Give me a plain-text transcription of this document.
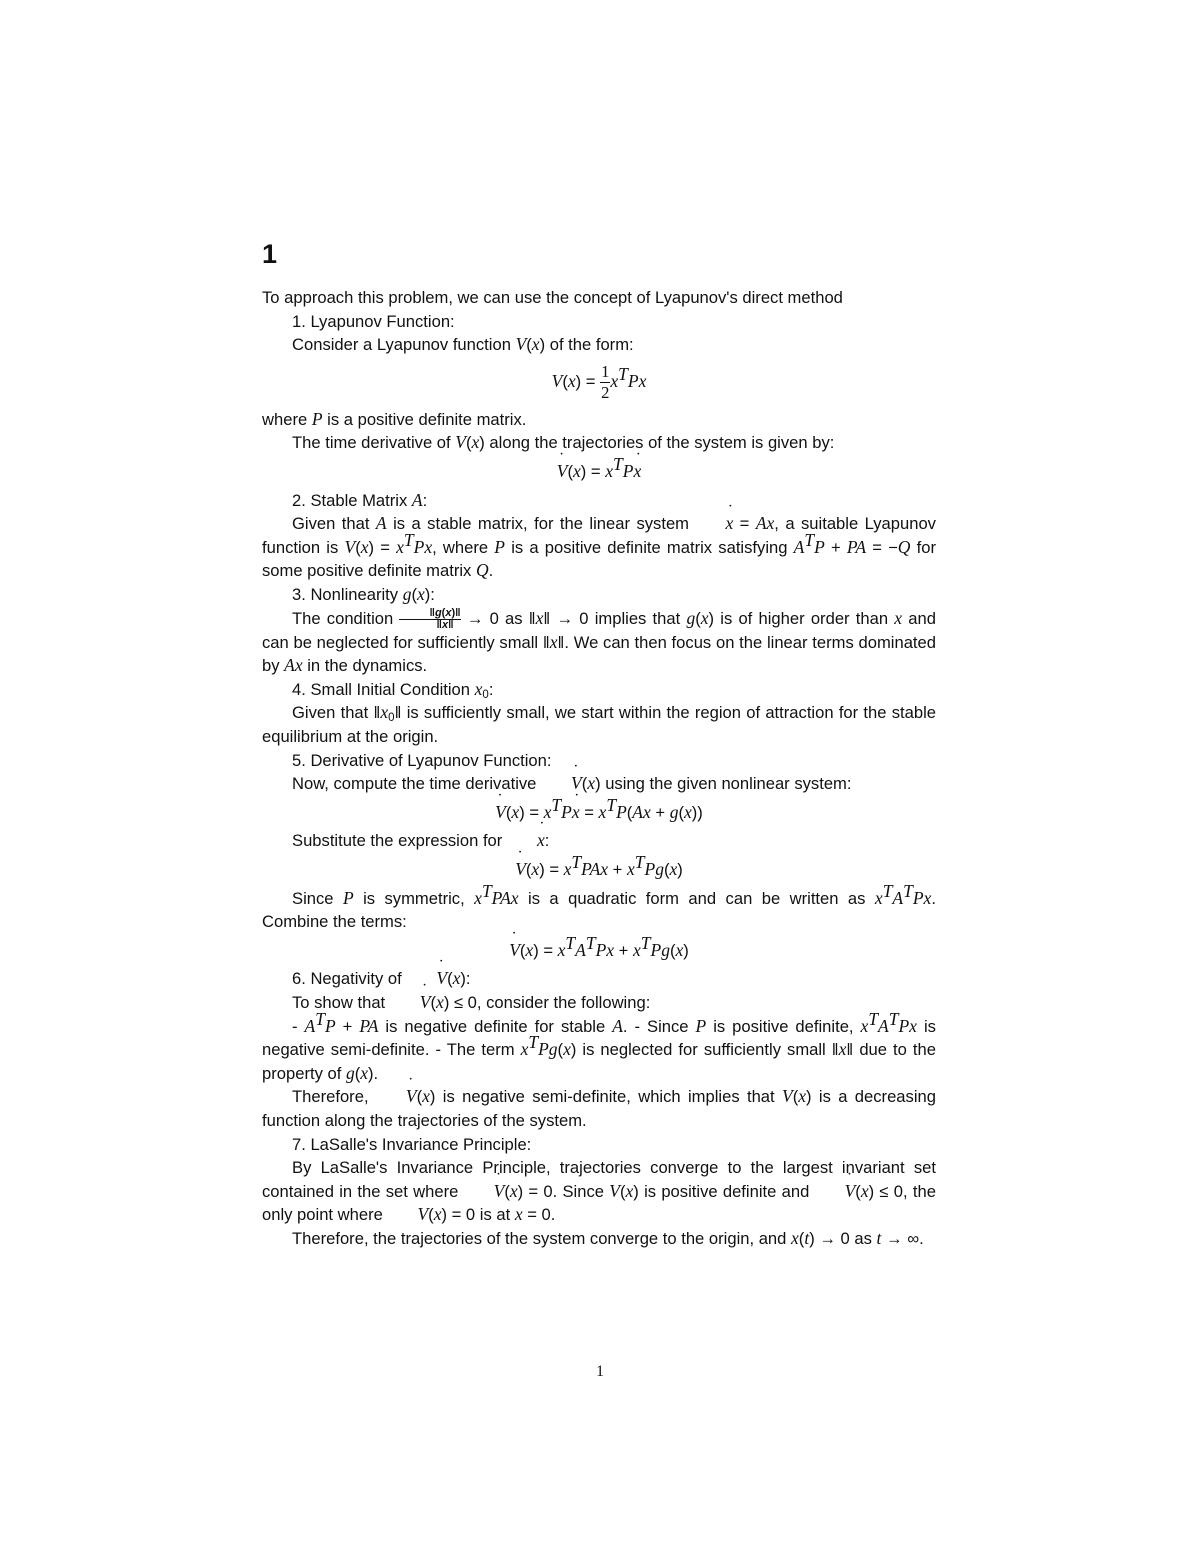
1

To approach this problem, we can use the concept of Lyapunov's direct method

1. Lyapunov Function:

Consider a Lyapunov function V(x) of the form:

$V(x) = \frac{1}{2} x^TPx$

where P is a positive definite matrix.

The time derivative of V(x) along the trajectories of the system is given by:

V ˙(x) = $x^TPx$ ˙

2. Stable Matrix A:

Given that A is a stable matrix, for the linear system x ˙ = Ax, a suitable Lyapunov function is $V(x) = x^TPx$, where P is a positive definite matrix satisfying $A^TP$ + PA = −Q for some positive definite matrix Q.

3. Nonlinearity g(x):

The condition $\frac{‖g(x)‖}{‖x‖} \to 0$ as ‖x‖ → 0 implies that g(x) is of higher order than x and can be neglected for sufficiently small ‖x‖. We can then focus on the linear terms dominated by Ax in the dynamics.

4. Small Initial Condition $x_0$:

Given that $‖x_0‖$ is sufficiently small, we start within the region of attraction for the stable equilibrium at the origin.

5. Derivative of Lyapunov Function:

Now, compute the time derivative V ˙(x) using the given nonlinear system:

V ˙(x) = $x^TPx$ ˙ = $x^TP(Ax + g(x))$

Substitute the expression for x ˙:

V ˙(x) = $x^TPAx + x^TPg(x)$

Since P is symmetric, $x^TPAx$ is a quadratic form and can be written as $x^TA^TPx$. Combine the terms:

V ˙(x) = $x^TA^TPx + x^TPg(x)$

6. Negativity of V ˙(x):

To show that V ˙(x) ≤ 0, consider the following:

- $A^TP$ + PA is negative definite for stable A. - Since P is positive definite, $x^TA^TPx$ is negative semi-definite. - The term $x^TPg(x)$ is neglected for sufficiently small ‖x‖ due to the property of g(x).

Therefore, V ˙(x) is negative semi-definite, which implies that V(x) is a decreasing function along the trajectories of the system.

7. LaSalle's Invariance Principle:

By LaSalle's Invariance Principle, trajectories converge to the largest invariant set contained in the set where V ˙(x) = 0. Since V(x) is positive definite and V ˙(x) ≤ 0, the only point where V ˙(x) = 0 is at x = 0.

Therefore, the trajectories of the system converge to the origin, and x(t) → 0 as t → ∞.

1
